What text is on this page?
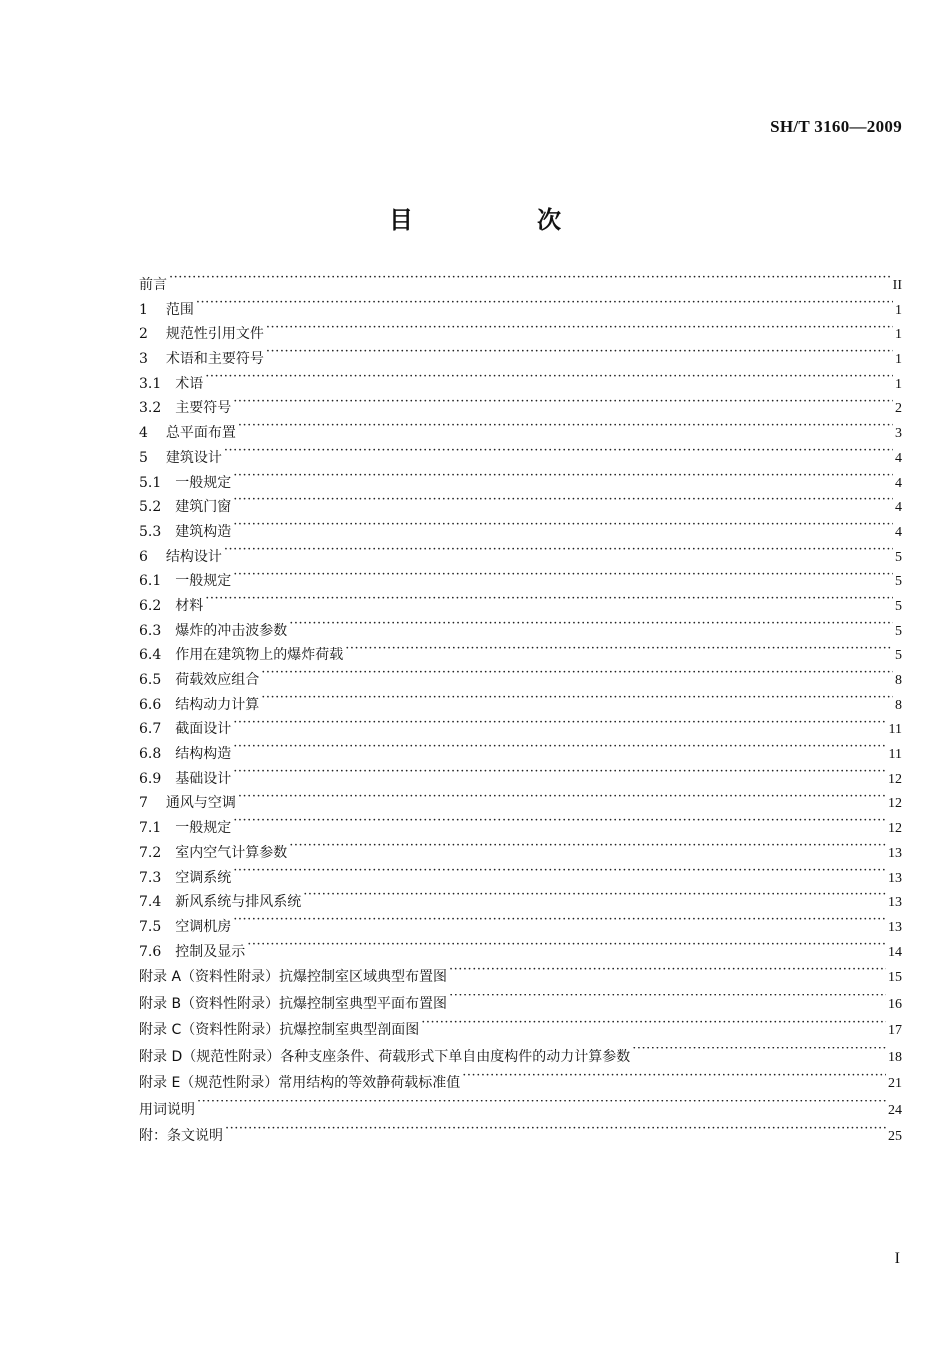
SH/T 3160—2009
目　次
前言 ·····	II
1	范围 ·····	1
2	规范性引用文件 ·····	1
3	术语和主要符号 ·····	1
3.1	术语 ·····	1
3.2	主要符号 ·····	2
4	总平面布置 ·····	3
5	建筑设计 ·····	4
5.1	一般规定 ·····	4
5.2	建筑门窗 ·····	4
5.3	建筑构造 ·····	4
6	结构设计 ·····	5
6.1	一般规定 ·····	5
6.2	材料 ·····	5
6.3	爆炸的冲击波参数 ·····	5
6.4	作用在建筑物上的爆炸荷载 ·····	5
6.5	荷载效应组合 ·····	8
6.6	结构动力计算 ·····	8
6.7	截面设计 ·····	11
6.8	结构构造 ·····	11
6.9	基础设计 ·····	12
7	通风与空调 ·····	12
7.1	一般规定 ·····	12
7.2	室内空气计算参数 ·····	13
7.3	空调系统 ·····	13
7.4	新风系统与排风系统 ·····	13
7.5	空调机房 ·····	13
7.6	控制及显示 ·····	14
附录 A（资料性附录）抗爆控制室区域典型布置图 ·····	15
附录 B（资料性附录）抗爆控制室典型平面布置图 ·····	16
附录 C（资料性附录）抗爆控制室典型剖面图 ·····	17
附录 D（规范性附录）各种支座条件、荷载形式下单自由度构件的动力计算参数 ·····	18
附录 E（规范性附录）常用结构的等效静荷载标准值 ·····	21
用词说明 ·····	24
附：条文说明 ·····	25
I
